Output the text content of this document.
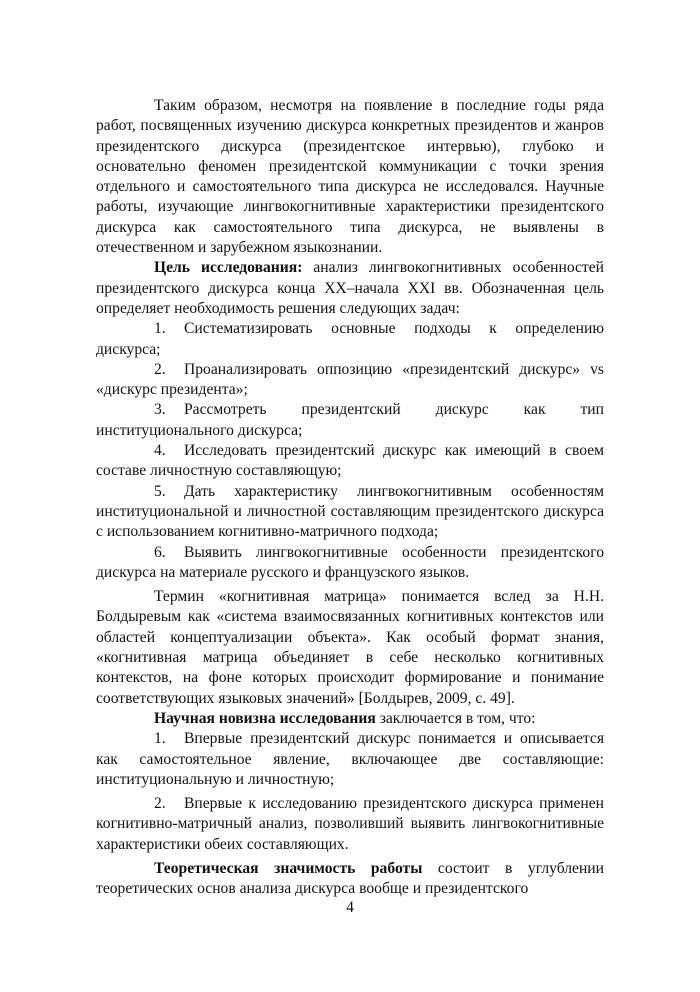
Таким образом, несмотря на появление в последние годы ряда работ, посвященных изучению дискурса конкретных президентов и жанров президентского дискурса (президентское интервью), глубоко и основательно феномен президентской коммуникации с точки зрения отдельного и самостоятельного типа дискурса не исследовался. Научные работы, изучающие лингвокогнитивные характеристики президентского дискурса как самостоятельного типа дискурса, не выявлены в отечественном и зарубежном языкознании.

Цель исследования: анализ лингвокогнитивных особенностей президентского дискурса конца XX–начала XXI вв. Обозначенная цель определяет необходимость решения следующих задач:

1. Систематизировать основные подходы к определению дискурса;

2. Проанализировать оппозицию «президентский дискурс» vs «дискурс президента»;

3. Рассмотреть президентский дискурс как тип институционального дискурса;

4. Исследовать президентский дискурс как имеющий в своем составе личностную составляющую;

5. Дать характеристику лингвокогнитивным особенностям институциональной и личностной составляющим президентского дискурса с использованием когнитивно-матричного подхода;

6. Выявить лингвокогнитивные особенности президентского дискурса на материале русского и французского языков.

Термин «когнитивная матрица» понимается вслед за Н.Н. Болдыревым как «система взаимосвязанных когнитивных контекстов или областей концептуализации объекта». Как особый формат знания, «когнитивная матрица объединяет в себе несколько когнитивных контекстов, на фоне которых происходит формирование и понимание соответствующих языковых значений» [Болдырев, 2009, с. 49].

Научная новизна исследования заключается в том, что:

1. Впервые президентский дискурс понимается и описывается как самостоятельное явление, включающее две составляющие: институциональную и личностную;

2. Впервые к исследованию президентского дискурса применен когнитивно-матричный анализ, позволивший выявить лингвокогнитивные характеристики обеих составляющих.

Теоретическая значимость работы состоит в углублении теоретических основ анализа дискурса вообще и президентского

4
